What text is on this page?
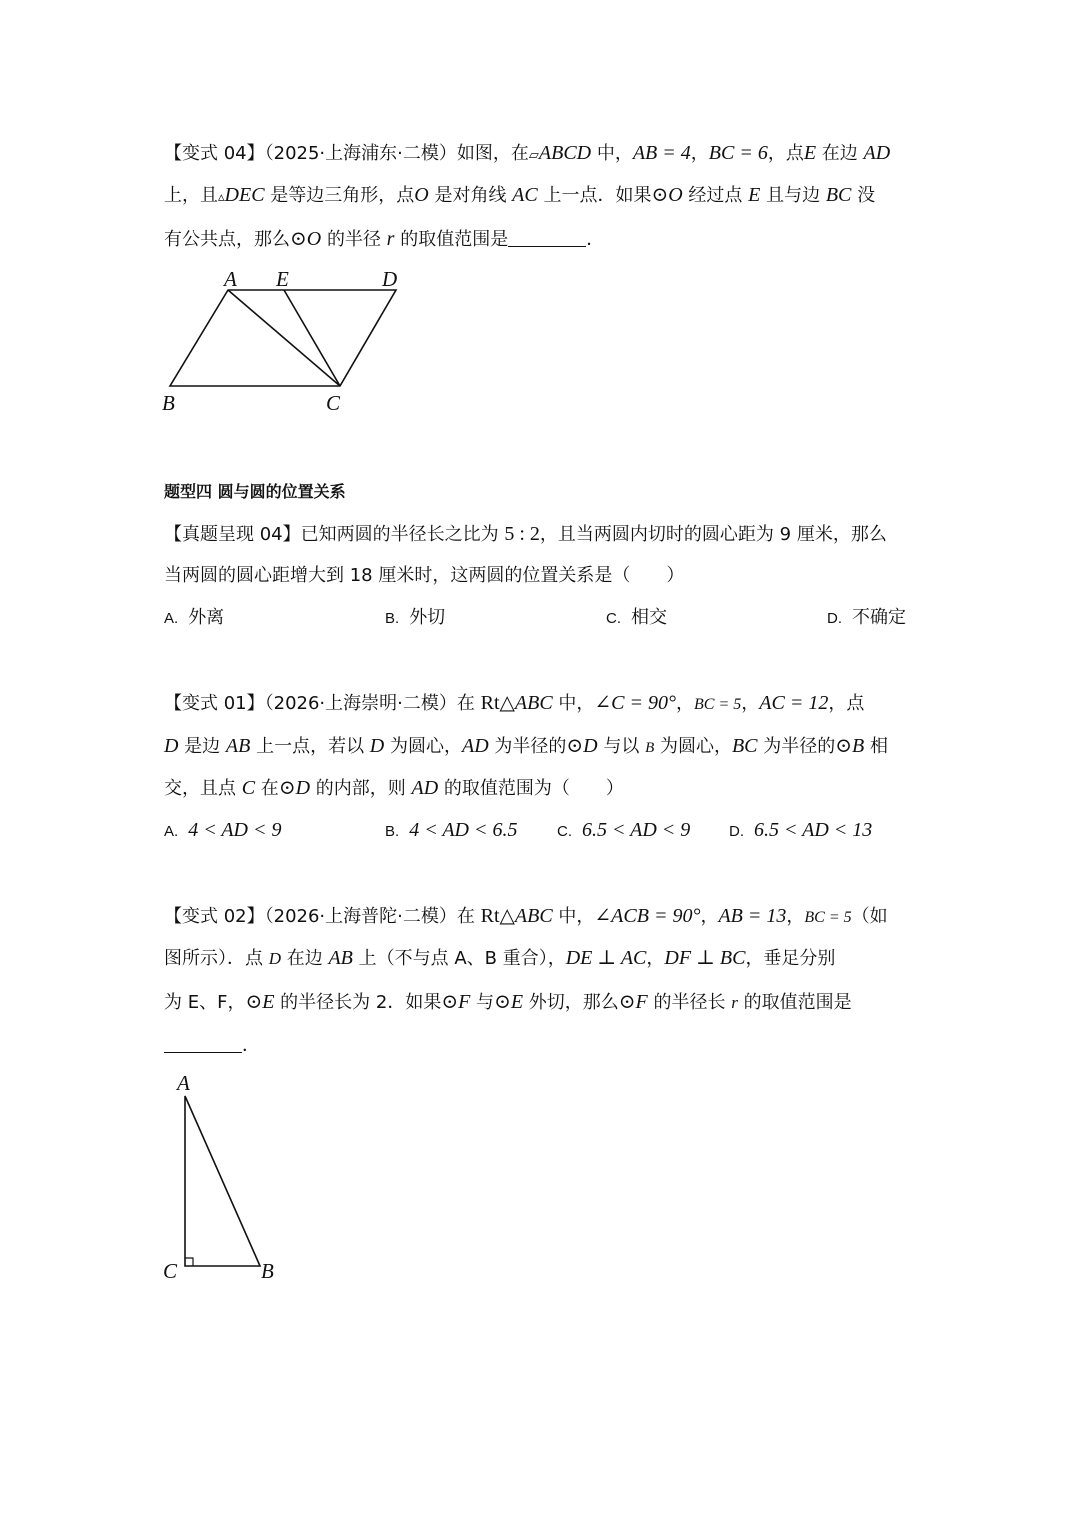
【变式 04】（2025·上海浦东·二模）如图，在▱ABCD 中，AB = 4，BC = 6，点E 在边 AD
上，且▵DEC 是等边三角形，点O 是对角线 AC 上一点．如果⊙O 经过点 E 且与边 BC 没
有公共点，那么⊙O 的半径 r 的取值范围是	．
A E	D
B	C
题型四 圆与圆的位置关系
【真题呈现 04】已知两圆的半径长之比为 5 : 2，且当两圆内切时的圆心距为 9 厘米，那么
当两圆的圆心距增大到 18 厘米时，这两圆的位置关系是（　　）
A. 外离	B. 外切	C. 相交	D. 不确定
【变式 01】（2026·上海崇明·二模）在 Rt△ABC 中，∠C = 90°，BC = 5，AC = 12，点
D 是边 AB 上一点，若以 D 为圆心，AD 为半径的⊙D 与以 B 为圆心，BC 为半径的⊙B 相
交，且点 C 在⊙D 的内部，则 AD 的取值范围为（　　）
A. 4 < AD < 9	B. 4 < AD < 6.5	C. 6.5 < AD < 9	D. 6.5 < AD < 13
【变式 02】（2026·上海普陀·二模）在 Rt△ABC 中，∠ACB = 90°，AB = 13，BC = 5（如
图所示）．点 D 在边 AB 上（不与点 A、B 重合），DE ⊥ AC，DF ⊥ BC，垂足分别
为 E、F，⊙E 的半径长为 2．如果⊙F 与⊙E 外切，那么⊙F 的半径长 r 的取值范围是
．
A
C	B
